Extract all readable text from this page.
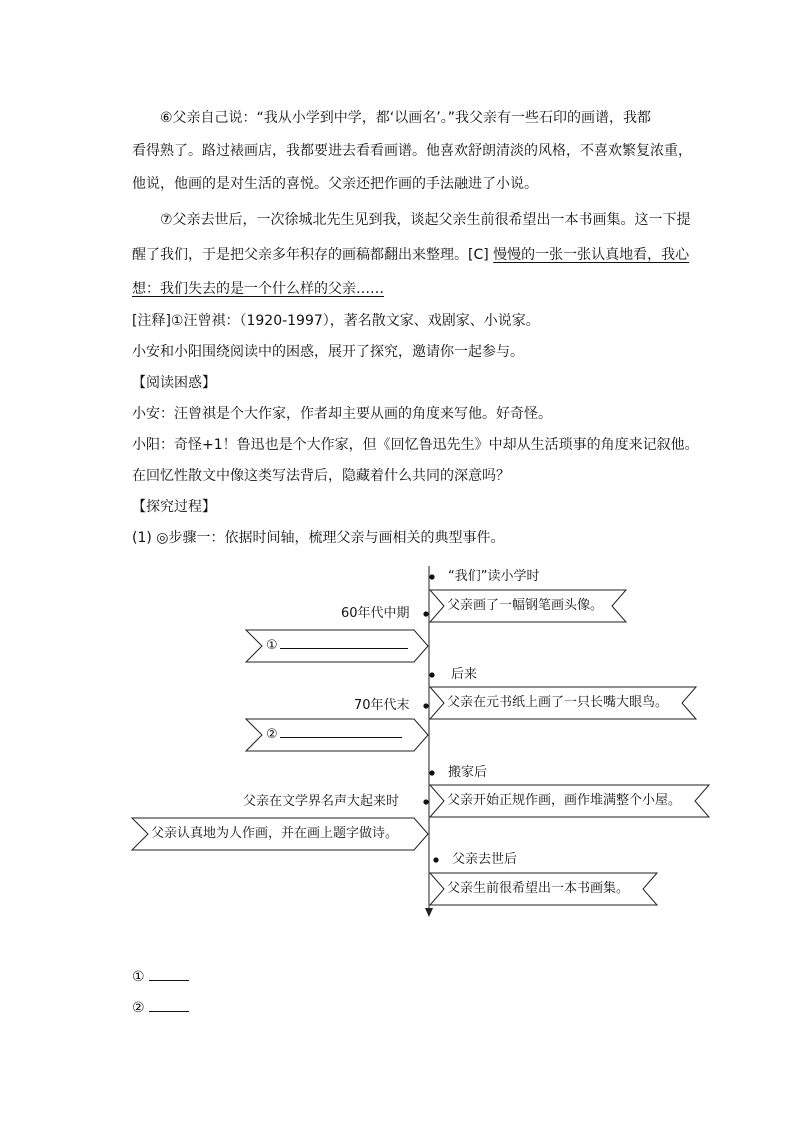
⑥父亲自己说：“我从小学到中学，都‘以画名’。”我父亲有一些石印的画谱，我都
看得熟了。路过裱画店，我都要进去看看画谱。他喜欢舒朗清淡的风格，不喜欢繁复浓重，
他说，他画的是对生活的喜悦。父亲还把作画的手法融进了小说。
⑦父亲去世后，一次徐城北先生见到我，谈起父亲生前很希望出一本书画集。这一下提
醒了我们，于是把父亲多年积存的画稿都翻出来整理。[C] 慢慢的一张一张认真地看，我心
想：我们失去的是一个什么样的父亲……
[注释]①汪曾祺：（1920-1997），著名散文家、戏剧家、小说家。
小安和小阳围绕阅读中的困惑，展开了探究，邀请你一起参与。
【阅读困惑】
小安：汪曾祺是个大作家，作者却主要从画的角度来写他。好奇怪。
小阳：奇怪+1！鲁迅也是个大作家，但《回忆鲁迅先生》中却从生活琐事的角度来记叙他。
在回忆性散文中像这类写法背后，隐藏着什么共同的深意吗？
【探究过程】
(1) ◎步骤一：依据时间轴，梳理父亲与画相关的典型事件。
“我们”读小学时
父亲画了一幅钢笔画头像。
后来
父亲在元书纸上画了一只长嘴大眼鸟。
搬家后
父亲开始正规作画，画作堆满整个小屋。
父亲去世后
父亲生前很希望出一本书画集。
60年代中期
①
70年代末
②
父亲在文学界名声大起来时
父亲认真地为人作画，并在画上题字做诗。
①
②
